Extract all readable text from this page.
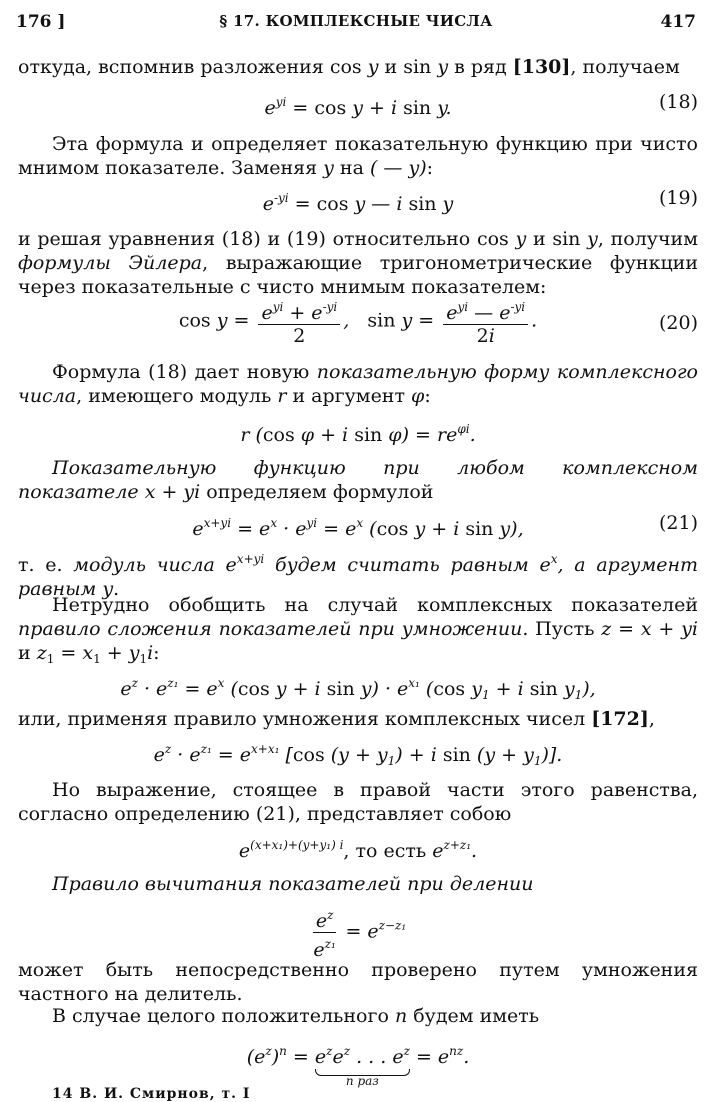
176 ]	§ 17. КОМПЛЕКСНЫЕ ЧИСЛА	417
откуда, вспомнив разложения cos y и sin y в ряд [130], получаем
$e^{yi} = \cos y + i$ sin y.	(18)
Эта формула и определяет показательную функцию при чисто мнимом показателе. Заменяя y на ( — y):
$e^{-yi} = \cos y$ — i sin y	(19)
и решая уравнения (18) и (19) относительно cos y и sin y, получим формулы Эйлера, выражающие тригонометрические функции через показательные с чисто мнимым показателем:
$\cos y = \frac{e^{yi} + e^{-yi}}{2}$ ,   $\sin y = \frac{e^{yi} — e^{-yi}}{2i}$ .	(20)
Формула (18) дает новую показательную форму комплексного числа, имеющего модуль r и аргумент φ:
r (cos φ + i $\sin \varphi) = re^{\varphi i}$.
Показательную функцию при любом комплексном показателе x + yi определяем формулой
$e^{x+yi} = e^x \cdot e^{yi} = e^x$ (cos y + i sin y),	(21)
т. е. модуль числа $e^{x+yi}$ будем считать равным $e^x$, а аргумент равным y.
Нетрудно обобщить на случай комплексных показателей правило сложения показателей при умножении. Пусть z = x + yi и $z_1 = x_1 + y_1i$:
$e^z \cdot e^{z_1} = e^x$ (cos y + i $\sin y) \cdot e^{x_1}$ (cos $y_1 + i$ $\sin y_1$),
или, применяя правило умножения комплексных чисел [172],
$e^z \cdot e^{z_1} = e^{x+x_1}$ [cos $(y + y_1) + i$ $\sin (y + y_1)$].
Но выражение, стоящее в правой части этого равенства, согласно определению (21), представляет собою
$e^{(x+x_1)+(y+y_1) i}$, то есть $e^{z+z_1}$.
Правило вычитания показателей при делении
$\frac{e^z}{e^{z_1}} = e^{z-z_1}$
может быть непосредственно проверено путем умножения частного на делитель.
В случае целого положительного n будем иметь
$(e^z)^n = e^ze^z$ . . . $e^z$
n раз
= $e^{nz}$.
14 В. И. Смирнов, т. I
